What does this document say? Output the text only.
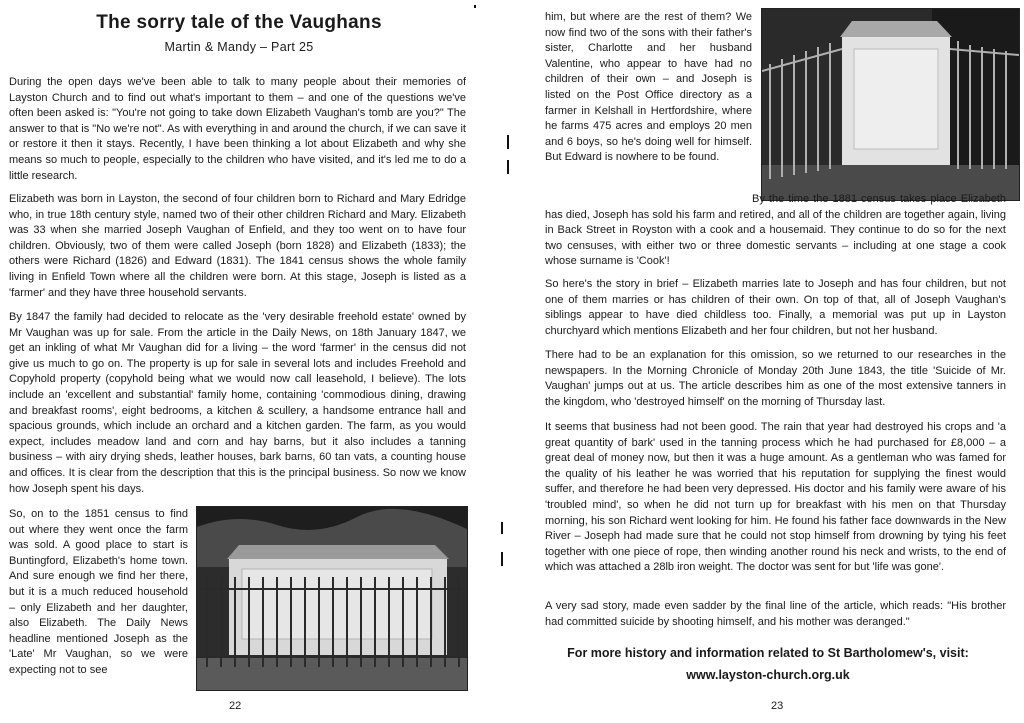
The sorry tale of the Vaughans
Martin & Mandy – Part 25

During the open days we've been able to talk to many people about their memories of Layston Church and to find out what's important to them – and one of the questions we've often been asked is: "You're not going to take down Elizabeth Vaughan's tomb are you?" The answer to that is "No we're not". As with everything in and around the church, if we can save it or restore it then it stays. Recently, I have been thinking a lot about Elizabeth and why she means so much to people, especially to the children who have visited, and it's led me to do a little research.

Elizabeth was born in Layston, the second of four children born to Richard and Mary Edridge who, in true 18th century style, named two of their other children Richard and Mary. Elizabeth was 33 when she married Joseph Vaughan of Enfield, and they too went on to have four children. Obviously, two of them were called Joseph (born 1828) and Elizabeth (1833); the others were Richard (1826) and Edward (1831). The 1841 census shows the whole family living in Enfield Town where all the children were born. At this stage, Joseph is listed as a 'farmer' and they have three household servants.

By 1847 the family had decided to relocate as the 'very desirable freehold estate' owned by Mr Vaughan was up for sale. From the article in the Daily News, on 18th January 1847, we get an inkling of what Mr Vaughan did for a living – the word 'farmer' in the census did not give us much to go on. The property is up for sale in several lots and includes Freehold and Copyhold property (copyhold being what we would now call leasehold, I believe). The lots include an 'excellent and substantial' family home, containing 'commodious dining, drawing and breakfast rooms', eight bedrooms, a kitchen & scullery, a handsome entrance hall and spacious grounds, which include an orchard and a kitchen garden. The farm, as you would expect, includes meadow land and corn and hay barns, but it also includes a tanning business – with airy drying sheds, leather houses, bark barns, 60 tan vats, a counting house and offices. It is clear from the description that this is the principal business. So now we know how Joseph spent his days.

So, on to the 1851 census to find out where they went once the farm was sold. A good place to start is Buntingford, Elizabeth's home town. And sure enough we find her there, but it is a much reduced household – only Elizabeth and her daughter, also Elizabeth. The Daily News headline mentioned Joseph as the 'Late' Mr Vaughan, so we were expecting not to see

22

him, but where are the rest of them? We now find two of the sons with their father's sister, Charlotte and her husband Valentine, who appear to have had no children of their own – and Joseph is listed on the Post Office directory as a farmer in Kelshall in Hertfordshire, where he farms 475 acres and employs 20 men and 6 boys, so he's doing well for himself. But Edward is nowhere to be found.

By the time the 1881 census takes place Elizabeth has died, Joseph has sold his farm and retired, and all of the children are together again, living in Back Street in Royston with a cook and a housemaid. They continue to do so for the next two censuses, with either two or three domestic servants – including at one stage a cook whose surname is 'Cook'!

So here's the story in brief – Elizabeth marries late to Joseph and has four children, but not one of them marries or has children of their own. On top of that, all of Joseph Vaughan's siblings appear to have died childless too. Finally, a memorial was put up in Layston churchyard which mentions Elizabeth and her four children, but not her husband.

There had to be an explanation for this omission, so we returned to our researches in the newspapers. In the Morning Chronicle of Monday 20th June 1843, the title 'Suicide of Mr. Vaughan' jumps out at us. The article describes him as one of the most extensive tanners in the kingdom, who 'destroyed himself' on the morning of Thursday last.

It seems that business had not been good. The rain that year had destroyed his crops and 'a great quantity of bark' used in the tanning process which he had purchased for £8,000 – a great deal of money now, but then it was a huge amount. As a gentleman who was famed for the quality of his leather he was worried that his reputation for supplying the finest would suffer, and therefore he had been very depressed. His doctor and his family were aware of his 'troubled mind', so when he did not turn up for breakfast with his men on that Thursday morning, his son Richard went looking for him. He found his father face downwards in the New River – Joseph had made sure that he could not stop himself from drowning by tying his feet together with one piece of rope, then winding another round his neck and wrists, to the end of which was attached a 28lb iron weight. The doctor was sent for but 'life was gone'.

A very sad story, made even sadder by the final line of the article, which reads: "His brother had committed suicide by shooting himself, and his mother was deranged."

For more history and information related to St Bartholomew's, visit:
www.layston-church.org.uk
23
